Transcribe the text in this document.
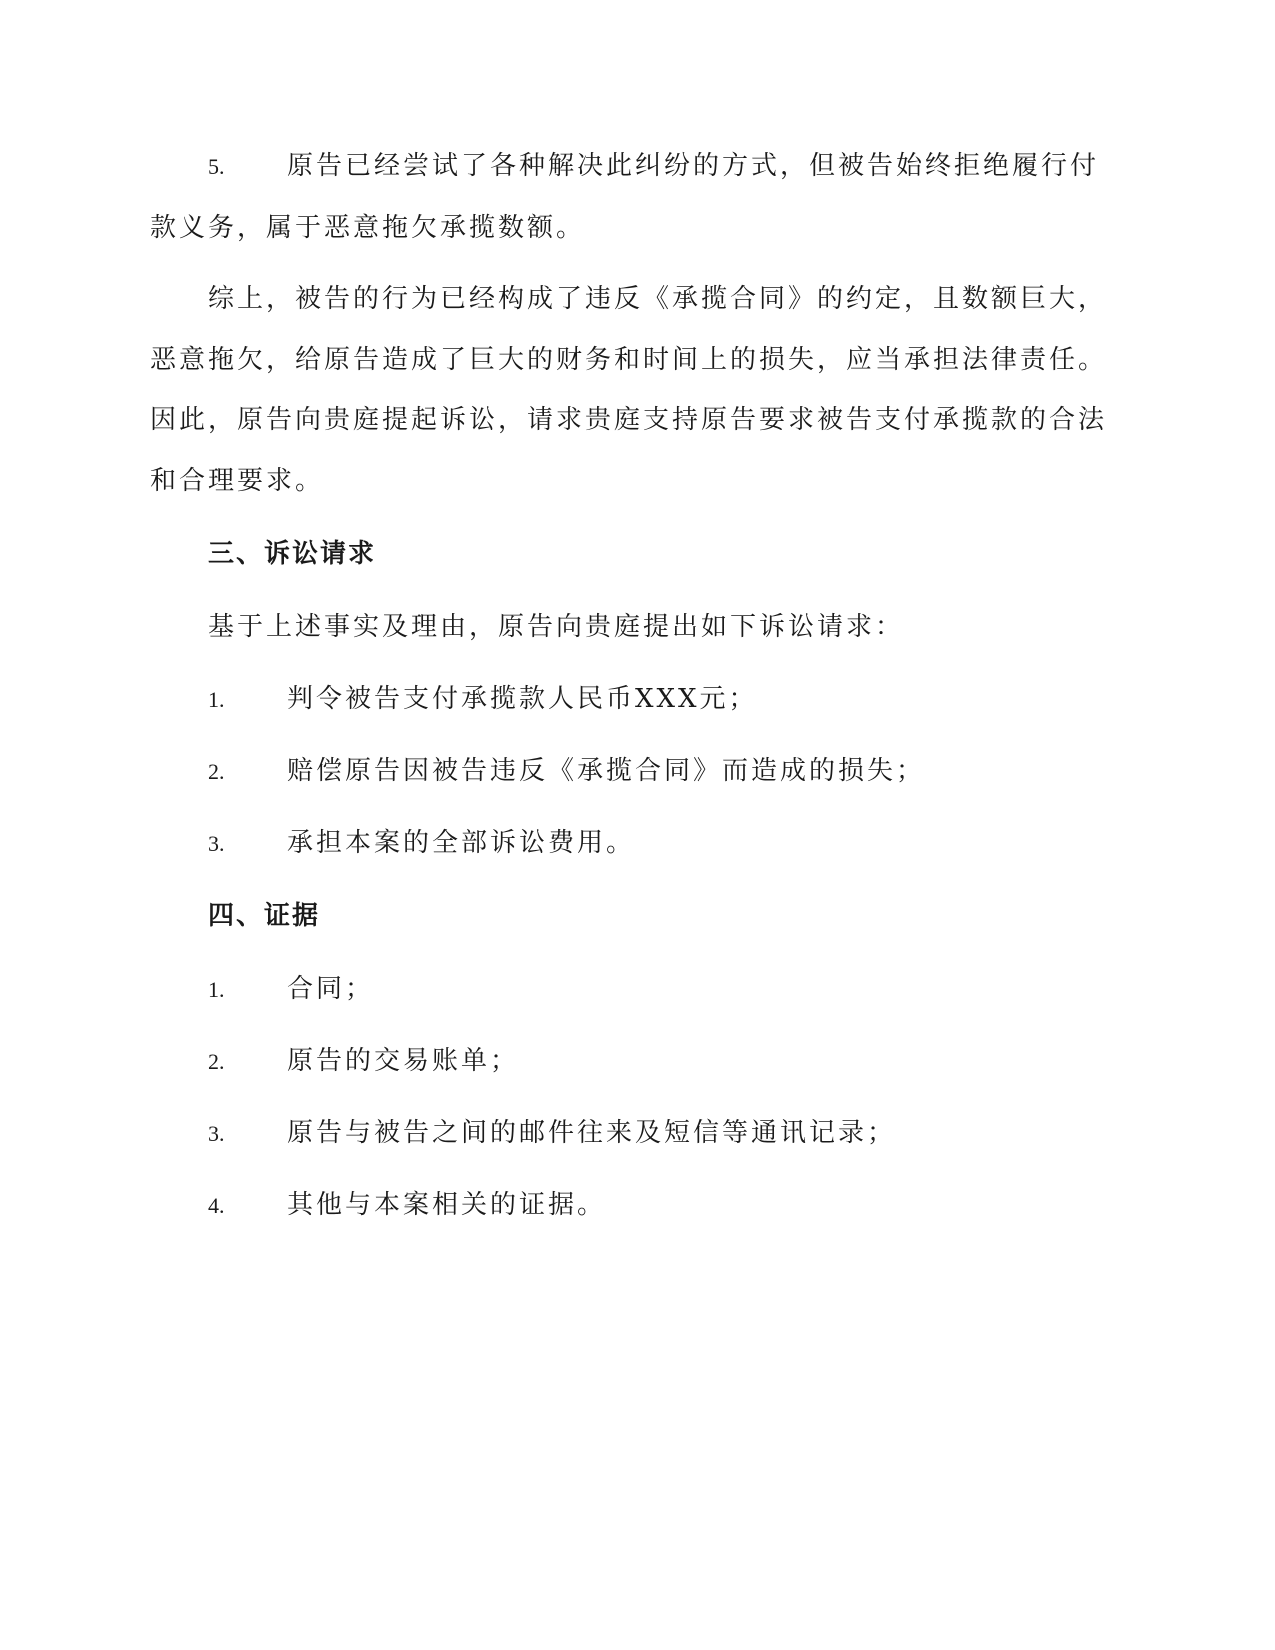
5. 原告已经尝试了各种解决此纠纷的方式，但被告始终拒绝履行付
款义务，属于恶意拖欠承揽数额。
综上，被告的行为已经构成了违反《承揽合同》的约定，且数额巨大，
恶意拖欠，给原告造成了巨大的财务和时间上的损失，应当承担法律责任。
因此，原告向贵庭提起诉讼，请求贵庭支持原告要求被告支付承揽款的合法
和合理要求。
三、诉讼请求
基于上述事实及理由，原告向贵庭提出如下诉讼请求：
1. 判令被告支付承揽款人民币XXX元；
2. 赔偿原告因被告违反《承揽合同》而造成的损失；
3. 承担本案的全部诉讼费用。
四、证据
1. 合同；
2. 原告的交易账单；
3. 原告与被告之间的邮件往来及短信等通讯记录；
4. 其他与本案相关的证据。
